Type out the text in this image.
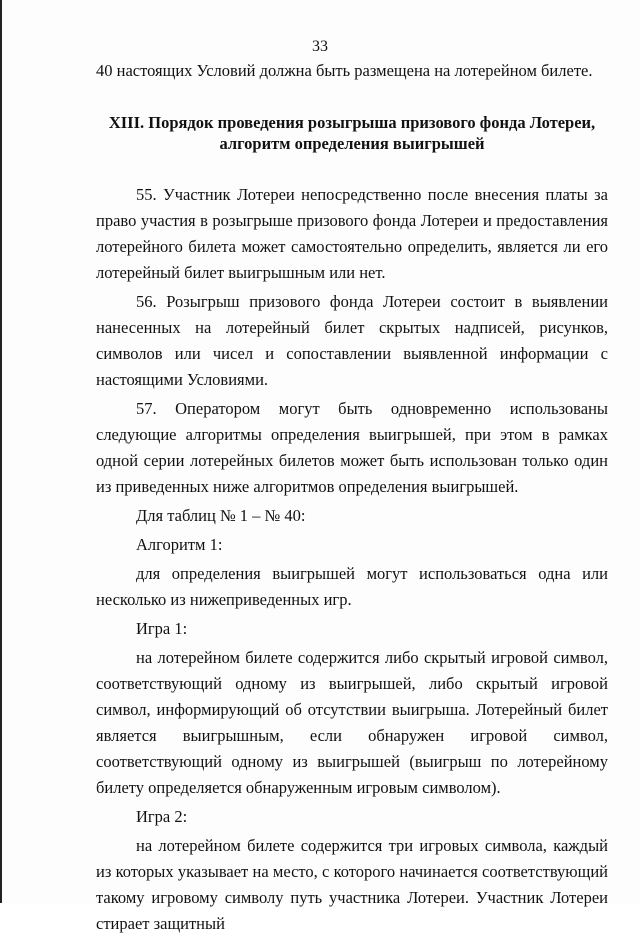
33

40 настоящих Условий должна быть размещена на лотерейном билете.

XIII. Порядок проведения розыгрыша призового фонда Лотереи,
алгоритм определения выигрышей

55. Участник Лотереи непосредственно после внесения платы за право участия в розыгрыше призового фонда Лотереи и предоставления лотерейного билета может самостоятельно определить, является ли его лотерейный билет выигрышным или нет.

56. Розыгрыш призового фонда Лотереи состоит в выявлении нанесенных на лотерейный билет скрытых надписей, рисунков, символов или чисел и сопоставлении выявленной информации с настоящими Условиями.

57. Оператором могут быть одновременно использованы следующие алгоритмы определения выигрышей, при этом в рамках одной серии лотерейных билетов может быть использован только один из приведенных ниже алгоритмов определения выигрышей.

Для таблиц № 1 – № 40:

Алгоритм 1:

для определения выигрышей могут использоваться одна или несколько из нижеприведенных игр.

Игра 1:

на лотерейном билете содержится либо скрытый игровой символ, соответствующий одному из выигрышей, либо скрытый игровой символ, информирующий об отсутствии выигрыша. Лотерейный билет является выигрышным, если обнаружен игровой символ, соответствующий одному из выигрышей (выигрыш по лотерейному билету определяется обнаруженным игровым символом).

Игра 2:

на лотерейном билете содержится три игровых символа, каждый из которых указывает на место, с которого начинается соответствующий такому игровому символу путь участника Лотереи. Участник Лотереи стирает защитный
